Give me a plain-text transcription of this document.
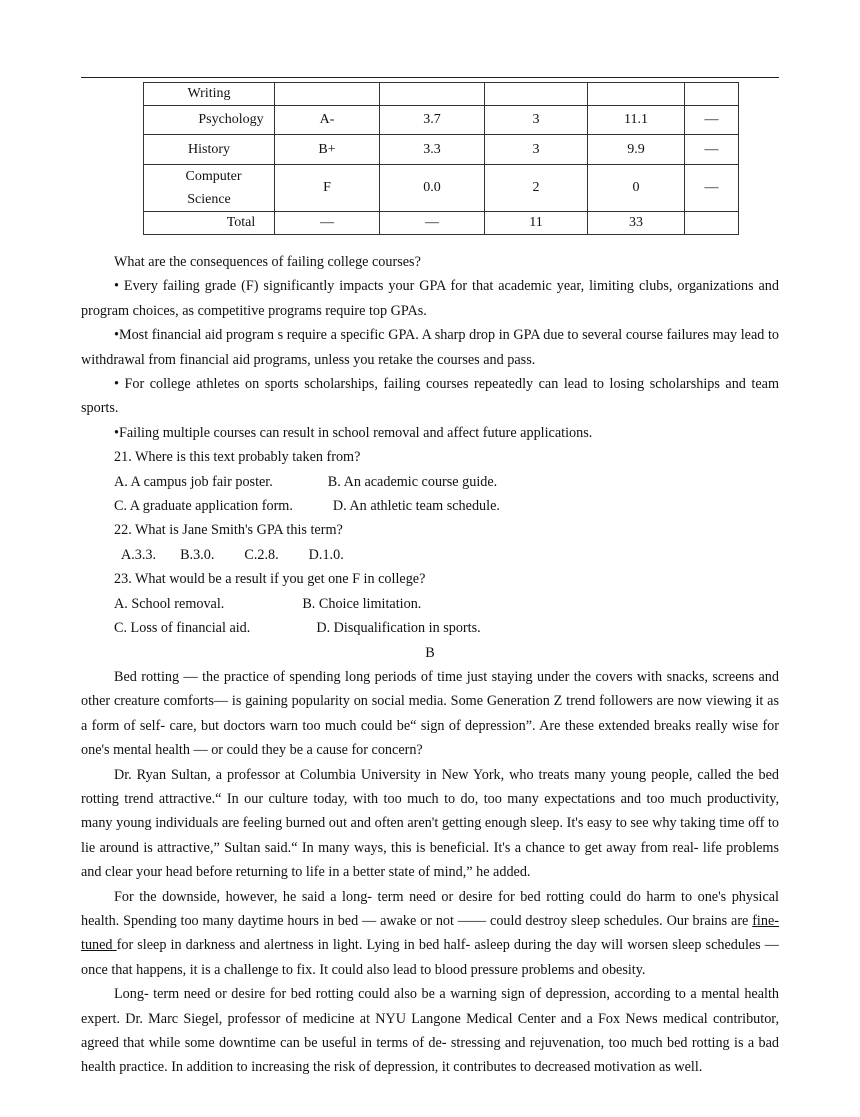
Writing					
Psychology	A-	3.7	3	11.1	—
History	B+	3.3	3	9.9	—

Computer
Science	F	0.0	2	0	—
Total	—	—	11	33	

What are the consequences of failing college courses?

• Every failing grade (F) significantly impacts your GPA for that academic year, limiting clubs, organizations and program choices, as competitive programs require top GPAs.

•Most financial aid program s require a specific GPA. A sharp drop in GPA due to several course failures may lead to withdrawal from financial aid programs, unless you retake the courses and pass.

• For college athletes on sports scholarships, failing courses repeatedly can lead to losing scholarships and team sports.

•Failing multiple courses can result in school removal and affect future applications.

21. Where is this text probably taken from?

A. A campus job fair poster.	B. An academic course guide.

C. A graduate application form.	D. An athletic team schedule.

22. What is Jane Smith's GPA this term?

A.3.3. B.3.0. C.2.8. D.1.0.

23. What would be a result if you get one F in college?

A. School removal.	B. Choice limitation.

C. Loss of financial aid.	D. Disqualification in sports.

B

Bed rotting — the practice of spending long periods of time just staying under the covers with snacks, screens and other creature comforts— is gaining popularity on social media. Some Generation Z trend followers are now viewing it as a form of self- care, but doctors warn too much could be“ sign of depression”. Are these extended breaks really wise for one's mental health — or could they be a cause for concern?

Dr. Ryan Sultan, a professor at Columbia University in New York, who treats many young people, called the bed rotting trend attractive.“ In our culture today, with too much to do, too many expectations and too much productivity, many young individuals are feeling burned out and often aren't getting enough sleep. It's easy to see why taking time off to lie around is attractive,” Sultan said.“ In many ways, this is beneficial. It's a chance to get away from real- life problems and clear your head before returning to life in a better state of mind,” he added.

For the downside, however, he said a long- term need or desire for bed rotting could do harm to one's physical health. Spending too many daytime hours in bed — awake or not —— could destroy sleep schedules. Our brains are fine- tuned for sleep in darkness and alertness in light. Lying in bed half- asleep during the day will worsen sleep schedules — once that happens, it is a challenge to fix. It could also lead to blood pressure problems and obesity.

Long- term need or desire for bed rotting could also be a warning sign of depression, according to a mental health expert. Dr. Marc Siegel, professor of medicine at NYU Langone Medical Center and a Fox News medical contributor, agreed that while some downtime can be useful in terms of de- stressing and rejuvenation, too much bed rotting is a bad health practice. In addition to increasing the risk of depression, it contributes to decreased motivation as well.
